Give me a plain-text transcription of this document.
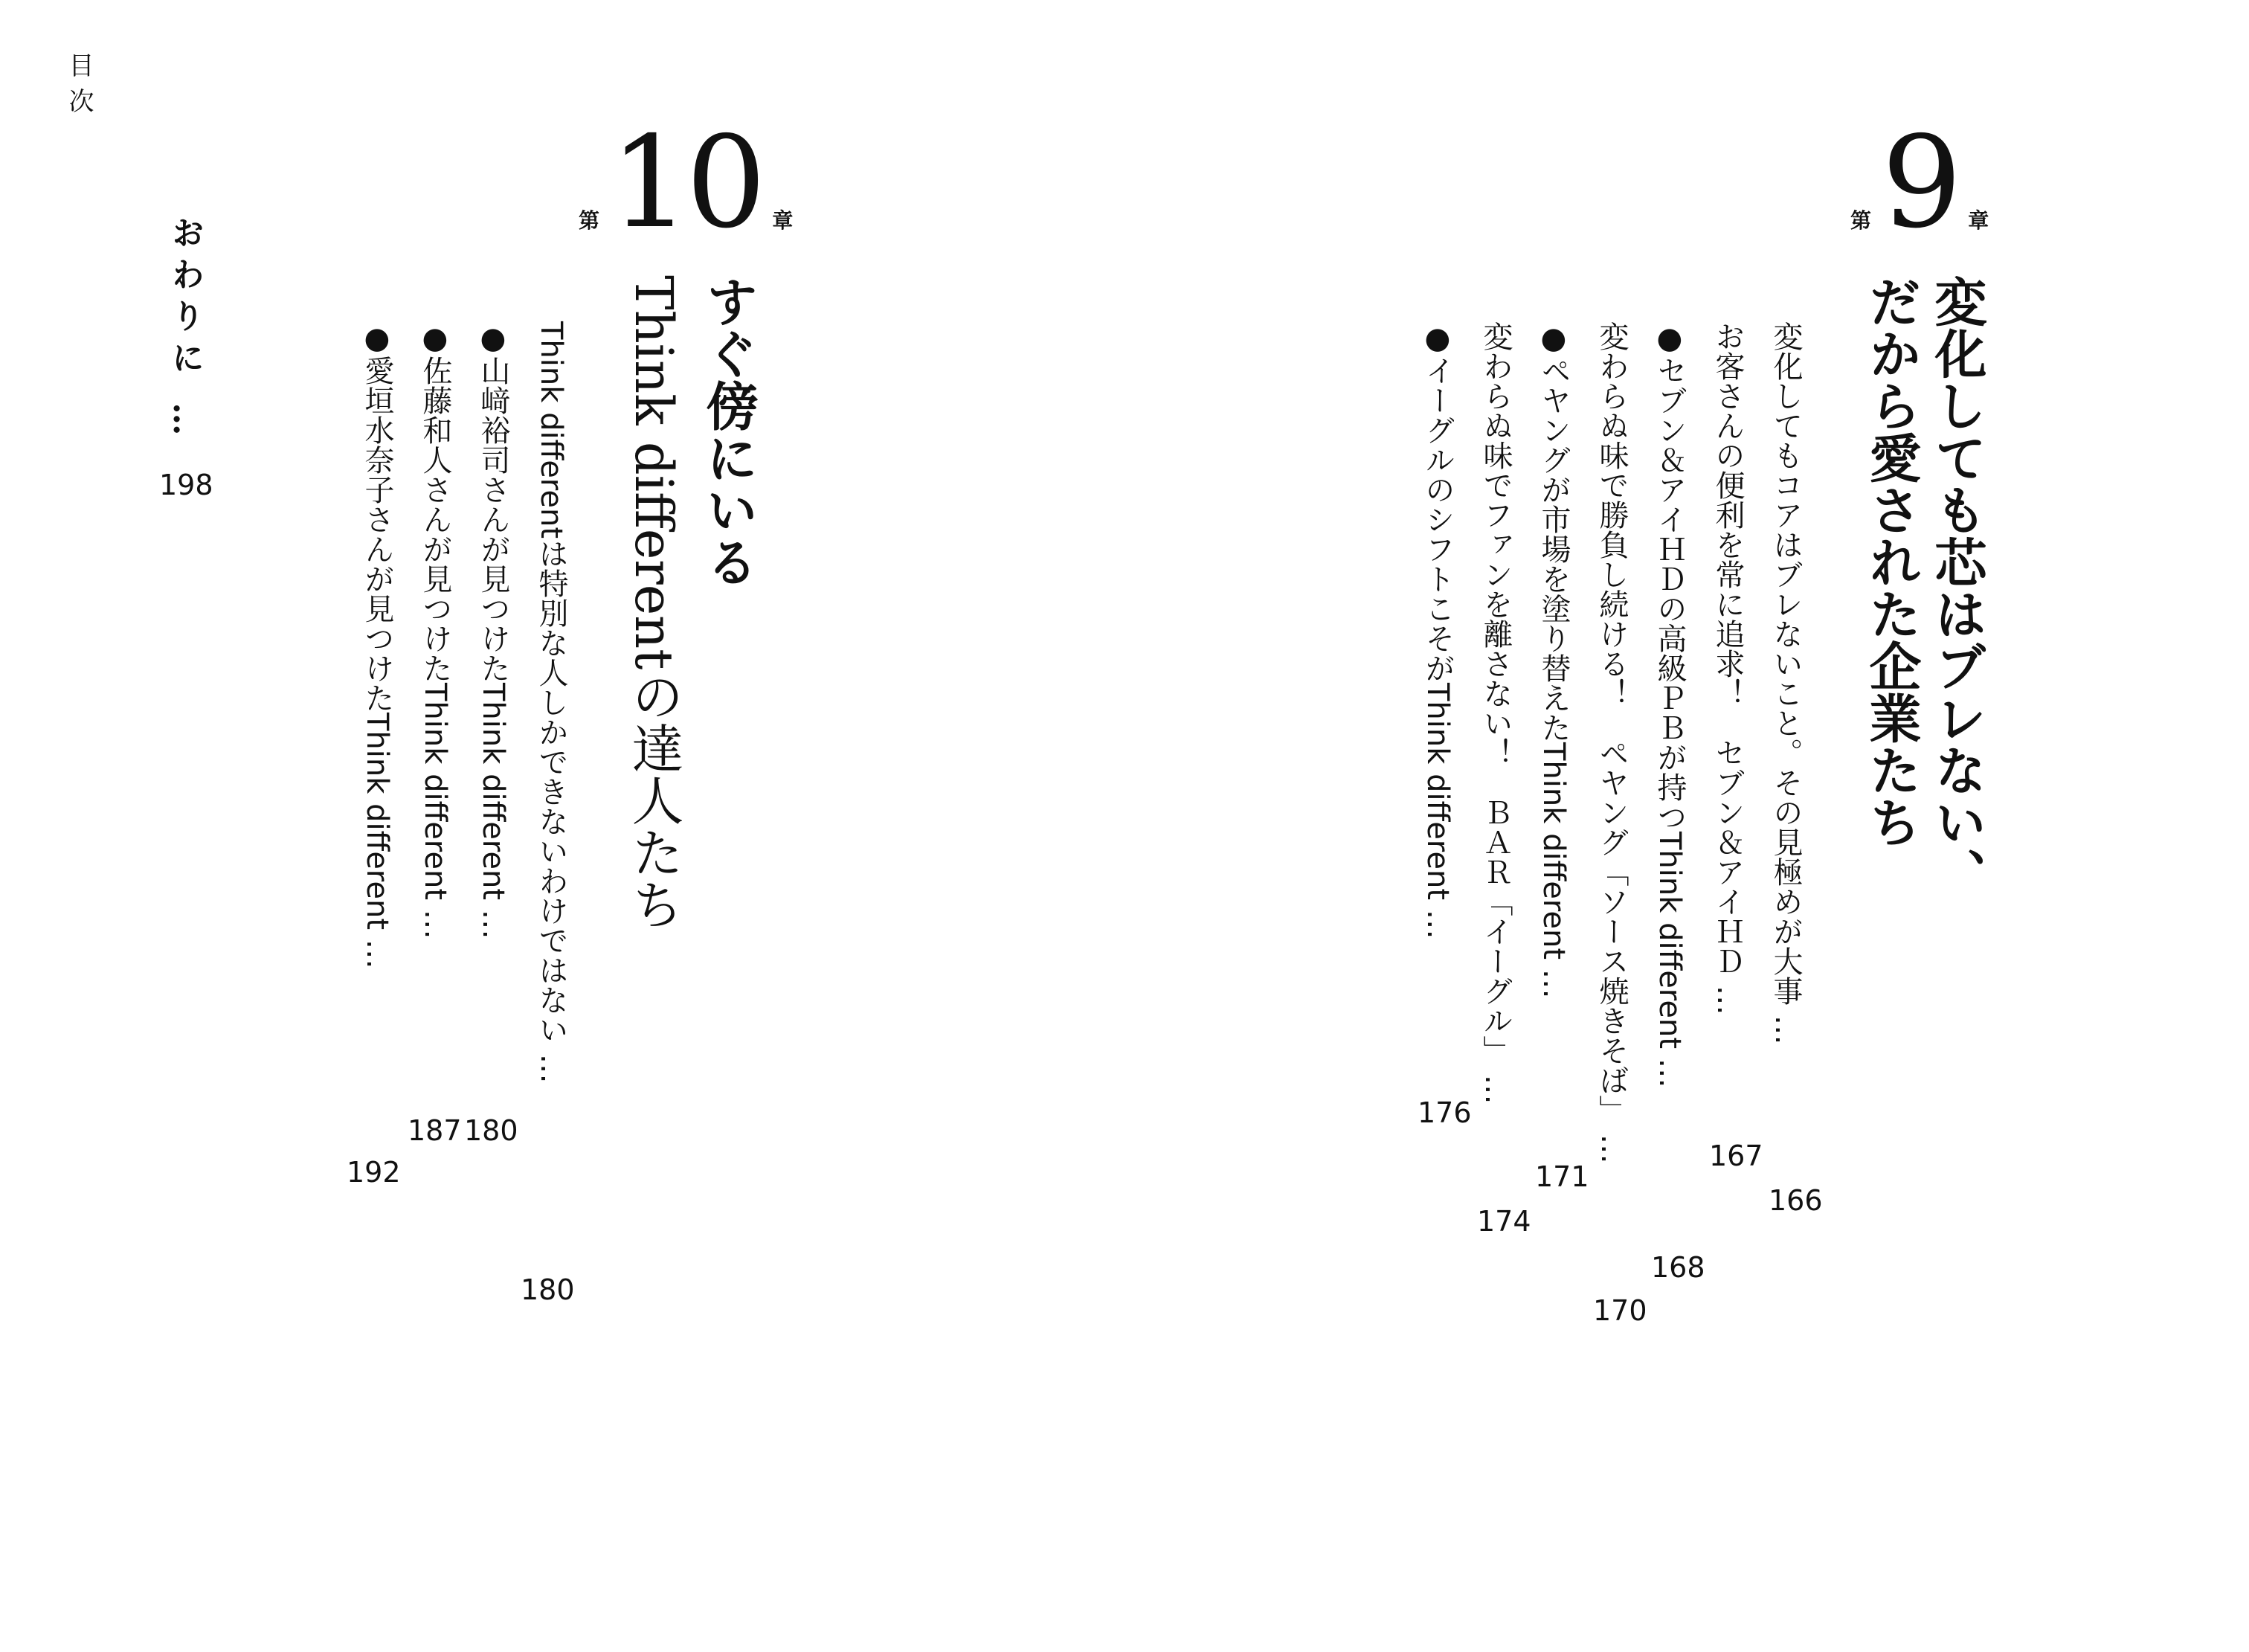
目次
第 9 章
変化しても芯はブレない、
だから愛された企業たち
変化してもコアはブレないこと。その見極めが大事 …
166
お客さんの便利を常に追求！　セブン＆アイＨＤ …
167
●セブン＆アイＨＤの高級ＰＢが持つThink different …
168
変わらぬ味で勝負し続ける！　ペヤング「ソース焼きそば」 …
170
●ペヤングが市場を塗り替えたThink different …
171
変わらぬ味でファンを離さない！　ＢＡＲ「イーグル」 …
174
●イーグルのシフトこそがThink different …
176
第 10 章
すぐ傍にいる
Think differentの達人たち
Think differentは特別な人しかできないわけではない …
180
●山﨑裕司さんが見つけたThink different …
180
●佐藤和人さんが見つけたThink different …
187
●愛垣水奈子さんが見つけたThink different …
192
おわりに …
198
